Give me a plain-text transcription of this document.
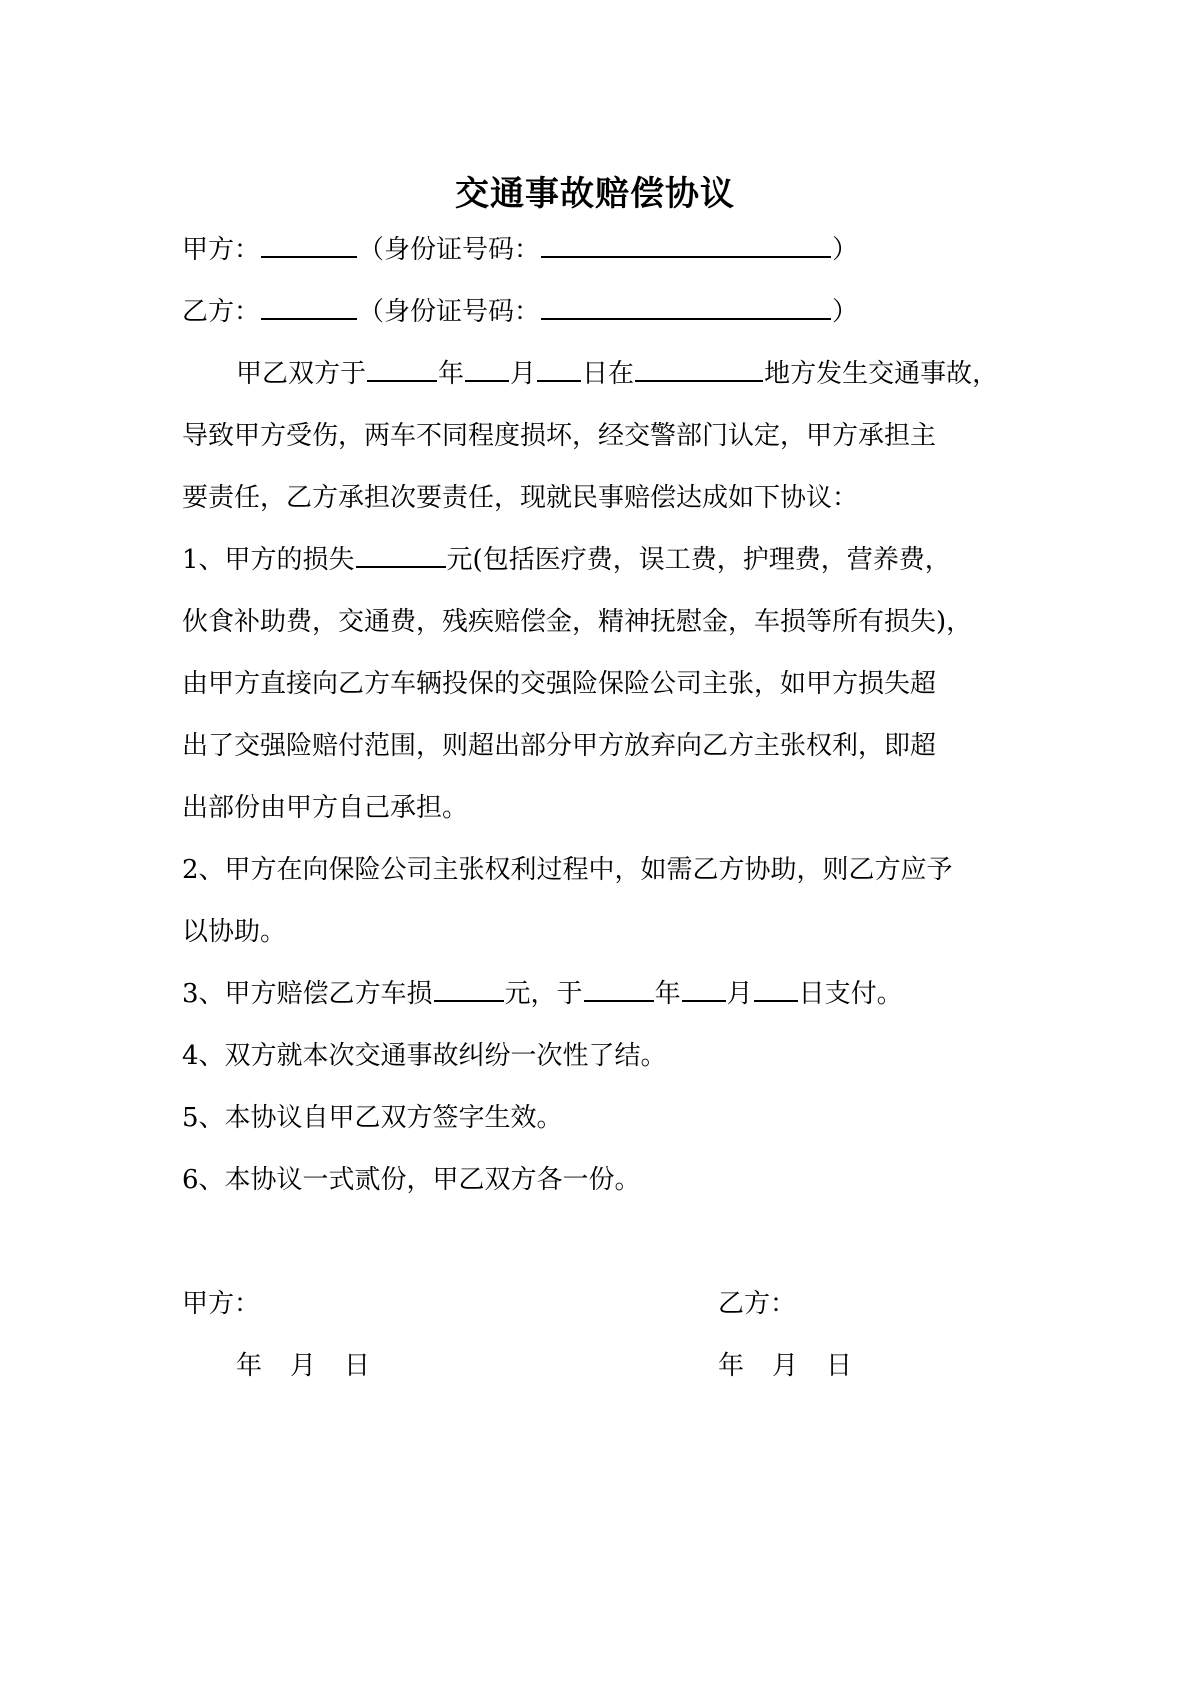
交通事故赔偿协议
甲方：	（身份证号码：	）
乙方：	（身份证号码：	）
甲乙双方于	年 月 日在	地方发生交通事故，
导致甲方受伤，两车不同程度损坏，经交警部门认定，甲方承担主
要责任，乙方承担次要责任，现就民事赔偿达成如下协议：
1、甲方的损失	元(包括医疗费，误工费，护理费，营养费，
伙食补助费，交通费，残疾赔偿金，精神抚慰金，车损等所有损失)，
由甲方直接向乙方车辆投保的交强险保险公司主张，如甲方损失超
出了交强险赔付范围，则超出部分甲方放弃向乙方主张权利，即超
出部份由甲方自己承担。
2、甲方在向保险公司主张权利过程中，如需乙方协助，则乙方应予
以协助。
3、甲方赔偿乙方车损	元，于	年 月 日支付。
4、双方就本次交通事故纠纷一次性了结。
5、本协议自甲乙双方签字生效。
6、本协议一式贰份，甲乙双方各一份。
甲方：	乙方：
年 月 日	年 月 日
